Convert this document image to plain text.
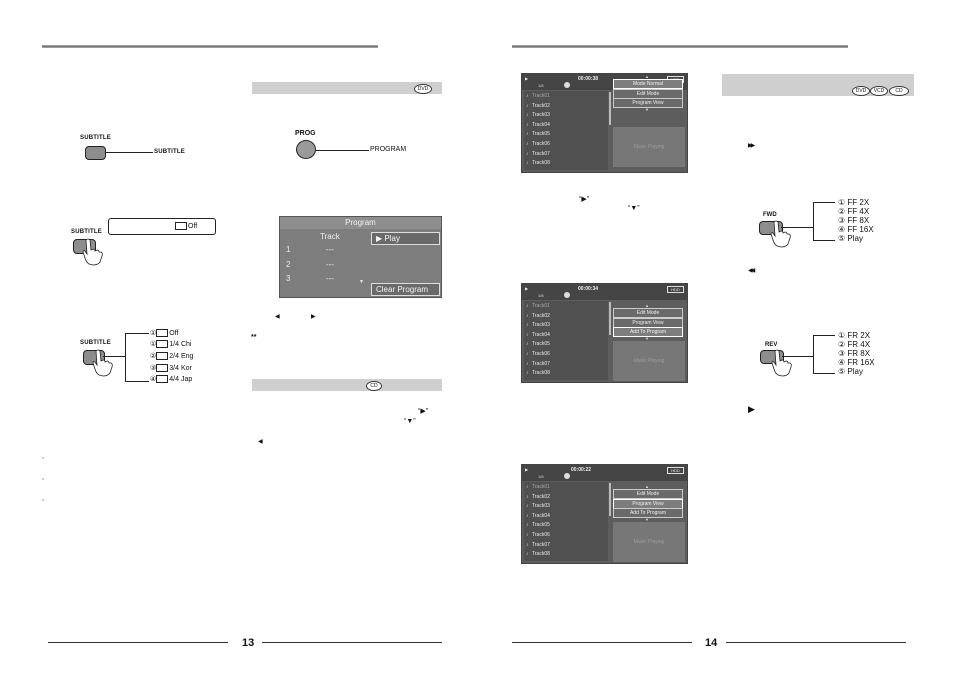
SUBTITLE
SUBTITLE
Off
SUBTITLE
SUBTITLE
① Off
① 1/4 Chi
② 2/4 Eng
③ 3/4 Kor
④ 4/4 Jap
,
,
,
DVD
PROG
PROGRAM
Program
Track
1	---
2	---
3	---	▼
▶ Play
Clear Program
◀	▶
**
CD
“▶”
“▼”
◀
13
▶	00:00:38
1/8
♪ Track01
♪ Track02
♪ Track03
♪ Track04
♪ Track05
♪ Track06
♪ Track07
♪ Track08
▲
Mode Normal
Edit Mode
Program View
▼
Music Playing
▶	00:00:34	HDD
1/8
♪ Track01
♪ Track02
♪ Track03
♪ Track04
♪ Track05
♪ Track06
♪ Track07
♪ Track08
▲
Edit Mode
Program View
Add To Program
▼
Music Playing
▶	00:00:22	HDD
1/8
♪ Track01
♪ Track02
♪ Track03
♪ Track04
♪ Track05
♪ Track06
♪ Track07
♪ Track08
▲
Edit Mode
Program View
Add To Program
▼
Music Playing
“▶”
“▼”
DVD	VCD	CD
▶▶
FWD
① FF 2X
② FF 4X
③ FF 8X
④ FF 16X
⑤ Play
◀◀
REV
① FR 2X
② FR 4X
③ FR 8X
④ FR 16X
⑤ Play
▶
14
